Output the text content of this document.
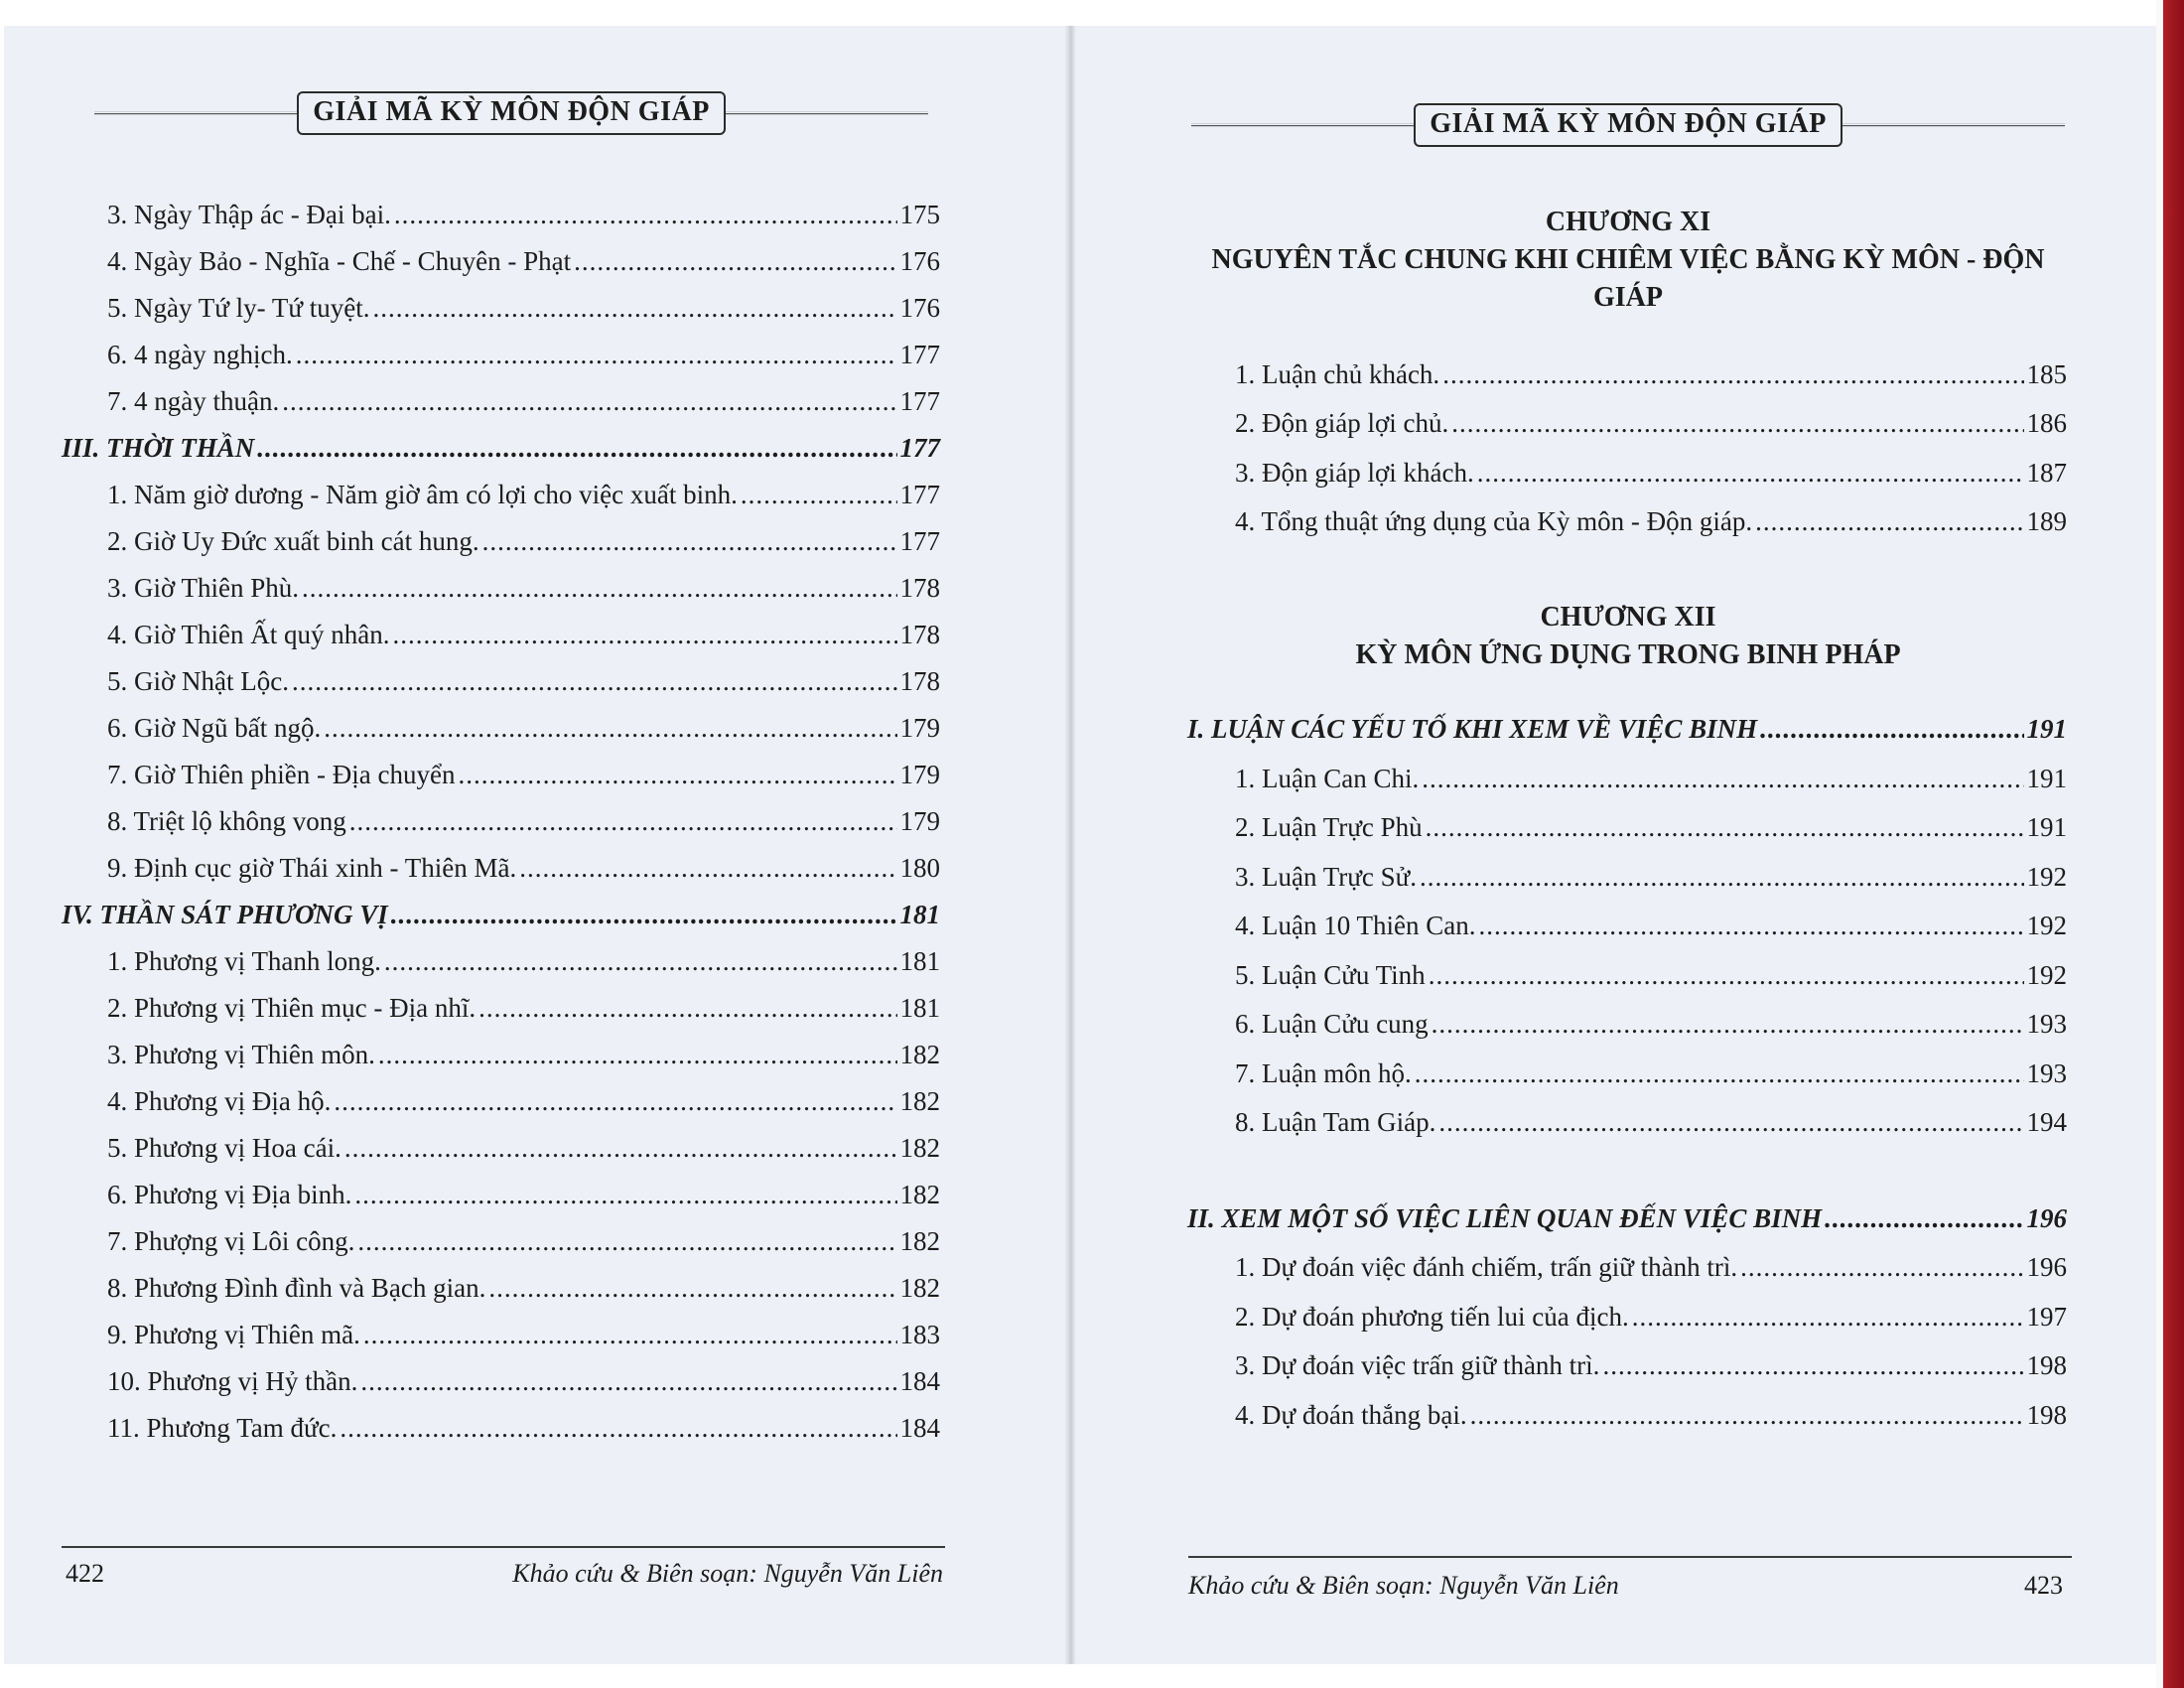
GIẢI MÃ KỲ MÔN ĐỘN GIÁP	GIẢI MÃ KỲ MÔN ĐỘN GIÁP
3. Ngày Thập ác - Đại bại. .....	175
4. Ngày Bảo - Nghĩa - Chế - Chuyên - Phạt .....	176
5. Ngày Tứ ly- Tứ tuyệt. .....	176
6. 4 ngày nghịch. .....	177
7. 4 ngày thuận. .....	177
III. THỜI THẦN .....	177
1. Năm giờ dương - Năm giờ âm có lợi cho việc xuất binh. .....	177
2. Giờ Uy Đức xuất binh cát hung. .....	177
3. Giờ Thiên Phù. .....	178
4. Giờ Thiên Ất quý nhân. .....	178
5. Giờ Nhật Lộc. .....	178
6. Giờ Ngũ bất ngộ. .....	179
7. Giờ Thiên phiền - Địa chuyển .....	179
8. Triệt lộ không vong .....	179
9. Định cục giờ Thái xinh - Thiên Mã. .....	180
IV. THẦN SÁT PHƯƠNG VỊ .....	181
1. Phương vị Thanh long. .....	181
2. Phương vị Thiên mục - Địa nhĩ. .....	181
3. Phương vị Thiên môn. .....	182
4. Phương vị Địa hộ. .....	182
5. Phương vị Hoa cái. .....	182
6. Phương vị Địa binh. .....	182
7. Phượng vị Lôi công. .....	182
8. Phương Đình đình và Bạch gian. .....	182
9. Phương vị Thiên mã. .....	183
10. Phương vị Hỷ thần. .....	184
11. Phương Tam đức. .....	184
CHƯƠNG XI
NGUYÊN TẮC CHUNG KHI CHIÊM VIỆC BẰNG KỲ MÔN - ĐỘN
GIÁP
1. Luận chủ khách. .....	185
2. Độn giáp lợi chủ. .....	186
3. Độn giáp lợi khách. .....	187
4. Tổng thuật ứng dụng của Kỳ môn - Độn giáp. .....	189
CHƯƠNG XII
KỲ MÔN ỨNG DỤNG TRONG BINH PHÁP
I. LUẬN CÁC YẾU TỐ KHI XEM VỀ VIỆC BINH .....	191
1. Luận Can Chi. .....	191
2. Luận Trực Phù .....	191
3. Luận Trực Sử. .....	192
4. Luận 10 Thiên Can. .....	192
5. Luận Cửu Tinh .....	192
6. Luận Cửu cung .....	193
7. Luận môn hộ. .....	193
8. Luận Tam Giáp. .....	194
II. XEM MỘT SỐ VIỆC LIÊN QUAN ĐẾN VIỆC BINH .....	196
1. Dự đoán việc đánh chiếm, trấn giữ thành trì. .....	196
2. Dự đoán phương tiến lui của địch. .....	197
3. Dự đoán việc trấn giữ thành trì. .....	198
4. Dự đoán thắng bại. .....	198
422	Khảo cứu & Biên soạn: Nguyễn Văn Liên	Khảo cứu & Biên soạn: Nguyễn Văn Liên	423
